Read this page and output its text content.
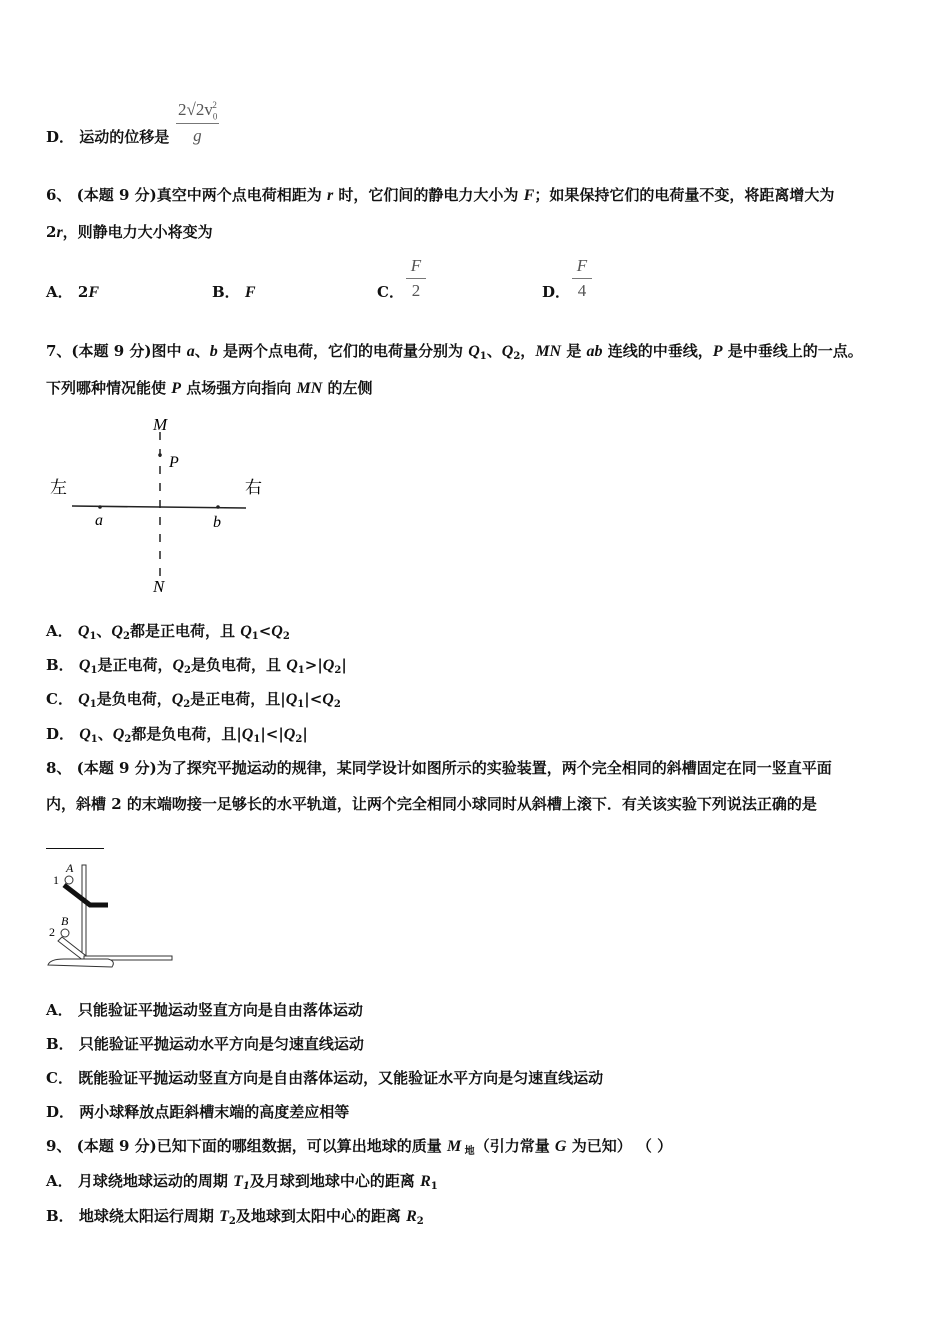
D． 运动的位移是
$2√2v_0^2$
g
6、 (本题 9 分)真空中两个点电荷相距为 r 时，它们间的静电力大小为 F；如果保持它们的电荷量不变，将距离增大为
2r，则静电力大小将变为
A． 2F	B． F	C．
F
2	D．
F
4
7、(本题 9 分)图中 a、b 是两个点电荷，它们的电荷量分别为 $Q_1$、$Q_2$，MN 是 ab 连线的中垂线，P 是中垂线上的一点。
下列哪种情况能使 P 点场强方向指向 MN 的左侧
M
P
左	右
a	b
N
A． $Q_1$、$Q_2$都是正电荷，且 $Q_1<Q_2$
B． $Q_1$是正电荷，$Q_2$是负电荷，且 $Q_1>|Q_2|$
C． $Q_1$是负电荷，$Q_2$是正电荷，且$|Q_1|<Q_2$
D． $Q_1$、$Q_2$都是负电荷，且$|Q_1|<|Q_2|$
8、 (本题 9 分)为了探究平抛运动的规律，某同学设计如图所示的实验装置，两个完全相同的斜槽固定在同一竖直平面
内，斜槽 2 的末端吻接一足够长的水平轨道，让两个完全相同小球同时从斜槽上滚下．有关该实验下列说法正确的是
1
A
2
B
A． 只能验证平抛运动竖直方向是自由落体运动
B． 只能验证平抛运动水平方向是匀速直线运动
C． 既能验证平抛运动竖直方向是自由落体运动，又能验证水平方向是匀速直线运动
D． 两小球释放点距斜槽末端的高度差应相等
9、 (本题 9 分)已知下面的哪组数据，可以算出地球的质量 M $_地$（引力常量 G 为已知） （ ）
A． 月球绕地球运动的周期 $T_1$及月球到地球中心的距离 $R_1$
B． 地球绕太阳运行周期 $T_2$及地球到太阳中心的距离 $R_2$
